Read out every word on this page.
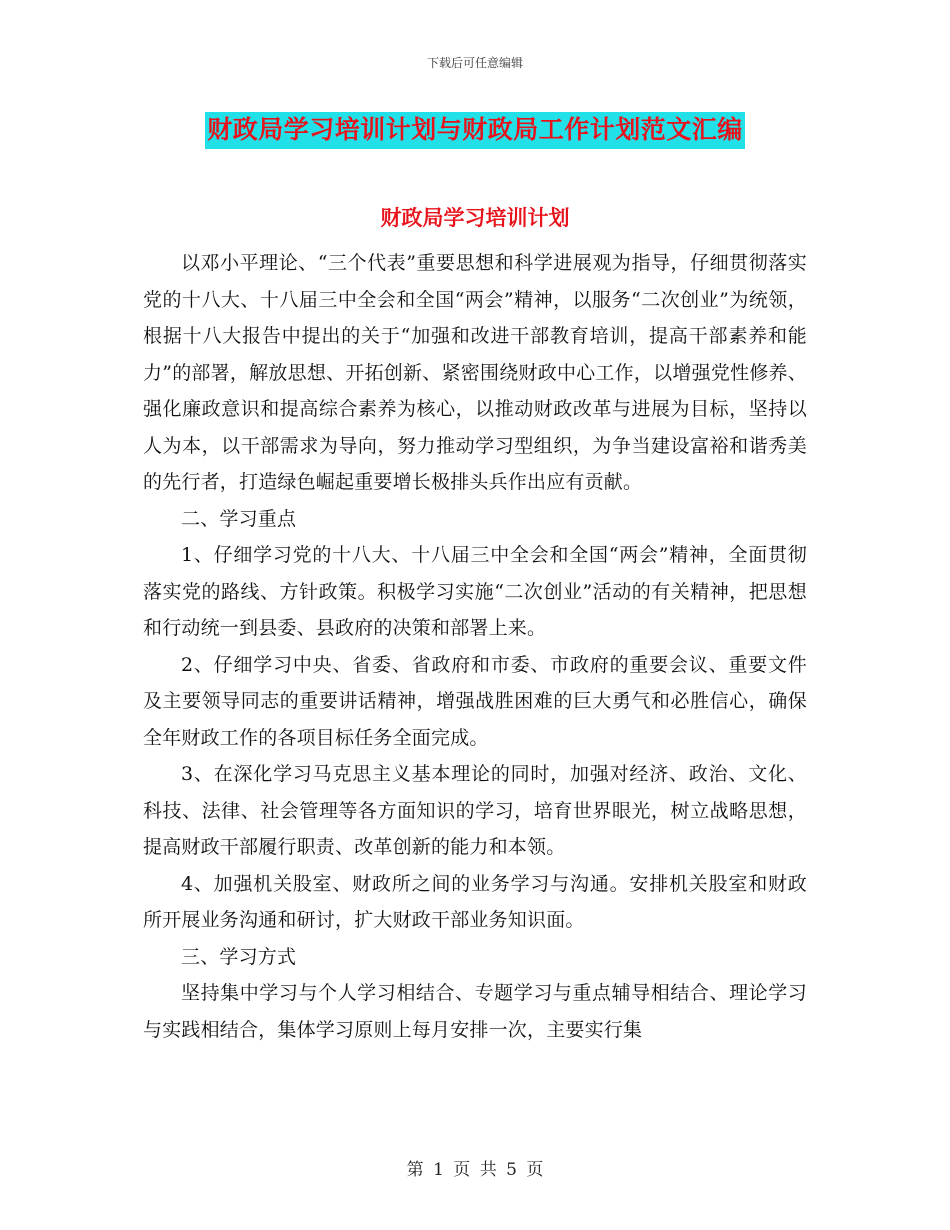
下载后可任意编辑
财政局学习培训计划与财政局工作计划范文汇编
财政局学习培训计划

以邓小平理论、“三个代表”重要思想和科学进展观为指导，仔细贯彻落实党的十八大、十八届三中全会和全国“两会”精神，以服务“二次创业”为统领，根据十八大报告中提出的关于“加强和改进干部教育培训，提高干部素养和能力”的部署，解放思想、开拓创新、紧密围绕财政中心工作，以增强党性修养、强化廉政意识和提高综合素养为核心，以推动财政改革与进展为目标，坚持以人为本，以干部需求为导向，努力推动学习型组织，为争当建设富裕和谐秀美的先行者，打造绿色崛起重要增长极排头兵作出应有贡献。

二、学习重点

1、仔细学习党的十八大、十八届三中全会和全国“两会”精神，全面贯彻落实党的路线、方针政策。积极学习实施“二次创业”活动的有关精神，把思想和行动统一到县委、县政府的决策和部署上来。

2、仔细学习中央、省委、省政府和市委、市政府的重要会议、重要文件及主要领导同志的重要讲话精神，增强战胜困难的巨大勇气和必胜信心，确保全年财政工作的各项目标任务全面完成。

3、在深化学习马克思主义基本理论的同时，加强对经济、政治、文化、科技、法律、社会管理等各方面知识的学习，培育世界眼光，树立战略思想，提高财政干部履行职责、改革创新的能力和本领。

4、加强机关股室、财政所之间的业务学习与沟通。安排机关股室和财政所开展业务沟通和研讨，扩大财政干部业务知识面。

三、学习方式

坚持集中学习与个人学习相结合、专题学习与重点辅导相结合、理论学习与实践相结合，集体学习原则上每月安排一次，主要实行集

第 1 页 共 5 页
